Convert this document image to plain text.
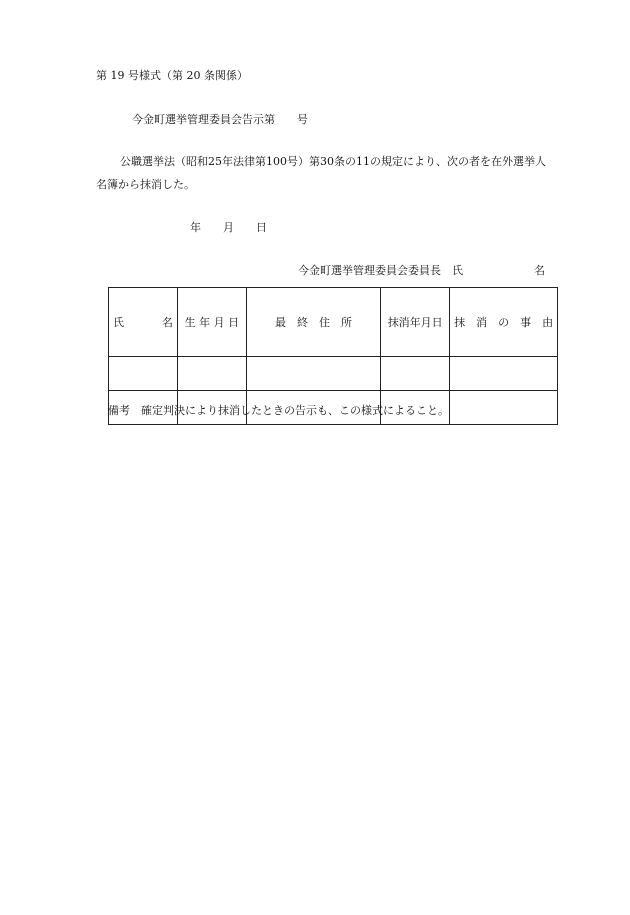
第 19 号様式（第 20 条関係）
今金町選挙管理委員会告示第　　号
公職選挙法（昭和25年法律第100号）第30条の11の規定により、次の者を在外選挙人
名簿から抹消した。
年　　月　　日
今金町選挙管理委員会委員長　氏	名

氏 名	生 年 月 日	最　終　住　所	抹消年月日	抹　消　の　事　由

備考　確定判決により抹消したときの告示も、この様式によること。
